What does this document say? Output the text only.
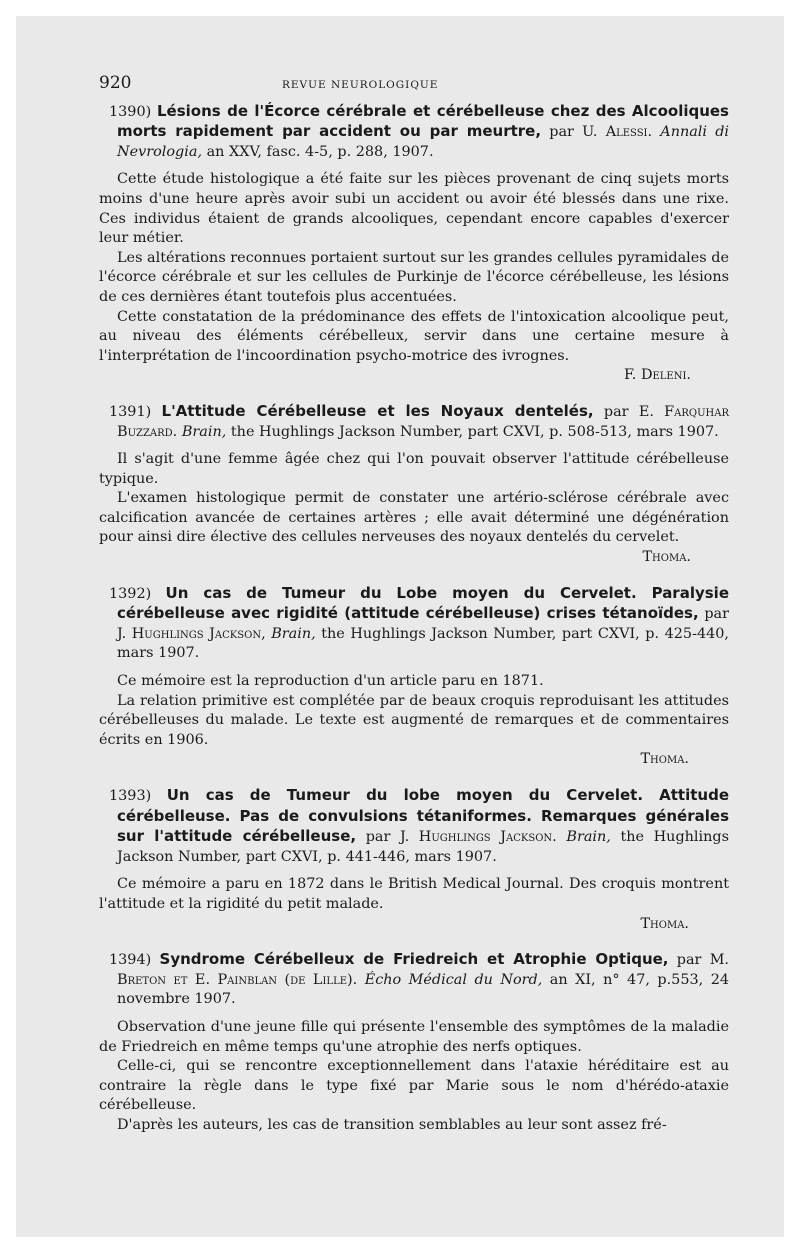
920	REVUE NEUROLOGIQUE

1390) Lésions de l'Écorce cérébrale et cérébelleuse chez des Alcooliques morts rapidement par accident ou par meurtre, par U. Alessi. Annali di Nevrologia, an XXV, fasc. 4-5, p. 288, 1907.

Cette étude histologique a été faite sur les pièces provenant de cinq sujets morts moins d'une heure après avoir subi un accident ou avoir été blessés dans une rixe. Ces individus étaient de grands alcooliques, cependant encore capables d'exercer leur métier.

Les altérations reconnues portaient surtout sur les grandes cellules pyramidales de l'écorce cérébrale et sur les cellules de Purkinje de l'écorce cérébelleuse, les lésions de ces dernières étant toutefois plus accentuées.

Cette constatation de la prédominance des effets de l'intoxication alcoolique peut, au niveau des éléments cérébelleux, servir dans une certaine mesure à l'interprétation de l'incoordination psycho-motrice des ivrognes.

F. Deleni.

1391) L'Attitude Cérébelleuse et les Noyaux dentelés, par E. Farquhar Buzzard. Brain, the Hughlings Jackson Number, part CXVI, p. 508-513, mars 1907.

Il s'agit d'une femme âgée chez qui l'on pouvait observer l'attitude cérébelleuse typique.

L'examen histologique permit de constater une artério-sclérose cérébrale avec calcification avancée de certaines artères ; elle avait déterminé une dégénération pour ainsi dire élective des cellules nerveuses des noyaux dentelés du cervelet.

Thoma.

1392) Un cas de Tumeur du Lobe moyen du Cervelet. Paralysie cérébelleuse avec rigidité (attitude cérébelleuse) crises tétanoïdes, par J. Hughlings Jackson, Brain, the Hughlings Jackson Number, part CXVI, p. 425-440, mars 1907.

Ce mémoire est la reproduction d'un article paru en 1871.

La relation primitive est complétée par de beaux croquis reproduisant les attitudes cérébelleuses du malade. Le texte est augmenté de remarques et de commentaires écrits en 1906.

Thoma.

1393) Un cas de Tumeur du lobe moyen du Cervelet. Attitude cérébelleuse. Pas de convulsions tétaniformes. Remarques générales sur l'attitude cérébelleuse, par J. Hughlings Jackson. Brain, the Hughlings Jackson Number, part CXVI, p. 441-446, mars 1907.

Ce mémoire a paru en 1872 dans le British Medical Journal. Des croquis montrent l'attitude et la rigidité du petit malade.

Thoma.

1394) Syndrome Cérébelleux de Friedreich et Atrophie Optique, par M. Breton et E. Painblan (de Lille). Écho Médical du Nord, an XI, n° 47, p.553, 24 novembre 1907.

Observation d'une jeune fille qui présente l'ensemble des symptômes de la maladie de Friedreich en même temps qu'une atrophie des nerfs optiques.

Celle-ci, qui se rencontre exceptionnellement dans l'ataxie héréditaire est au contraire la règle dans le type fixé par Marie sous le nom d'hérédo-ataxie cérébelleuse.

D'après les auteurs, les cas de transition semblables au leur sont assez fré-
